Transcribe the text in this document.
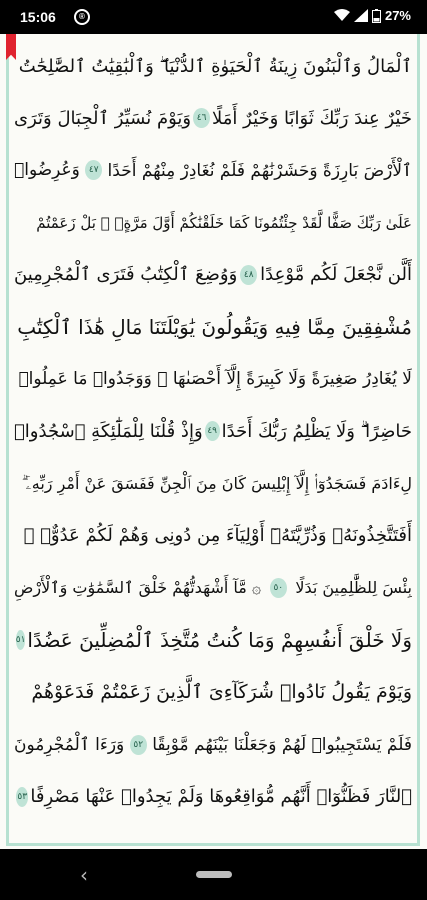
15:06	®	27%
ٱلْمَالُ وَٱلْبَنُونَ زِينَةُ ٱلْحَيَوٰةِ ٱلدُّنْيَا ۖ وَٱلْبَٰقِيَٰتُ ٱلصَّٰلِحَٰتُ
خَيْرٌ عِندَ رَبِّكَ ثَوَابًا وَخَيْرٌ أَمَلًا
٤٦
وَيَوْمَ نُسَيِّرُ ٱلْجِبَالَ وَتَرَى
ٱلْأَرْضَ بَارِزَةً وَحَشَرْنَٰهُمْ فَلَمْ نُغَادِرْ مِنْهُمْ أَحَدًا
٤٧
وَعُرِضُوا۟
عَلَىٰ رَبِّكَ صَفًّا لَّقَدْ جِئْتُمُونَا كَمَا خَلَقْنَٰكُمْ أَوَّلَ مَرَّةٍۭ ۚ بَلْ زَعَمْتُمْ
أَلَّن نَّجْعَلَ لَكُم مَّوْعِدًا
٤٨
وَوُضِعَ ٱلْكِتَٰبُ فَتَرَى ٱلْمُجْرِمِينَ
مُشْفِقِينَ مِمَّا فِيهِ وَيَقُولُونَ يَٰوَيْلَتَنَا مَالِ هَٰذَا ٱلْكِتَٰبِ
لَا يُغَادِرُ صَغِيرَةً وَلَا كَبِيرَةً إِلَّآ أَحْصَىٰهَا ۚ وَوَجَدُوا۟ مَا عَمِلُوا۟
حَاضِرًا ۗ وَلَا يَظْلِمُ رَبُّكَ أَحَدًا
٤٩
وَإِذْ قُلْنَا لِلْمَلَٰٓئِكَةِ ٱسْجُدُوا۟
لِءَادَمَ فَسَجَدُوٓا۟ إِلَّآ إِبْلِيسَ كَانَ مِنَ ٱلْجِنِّ فَفَسَقَ عَنْ أَمْرِ رَبِّهِۦٓ ۗ
أَفَتَتَّخِذُونَهُۥ وَذُرِّيَّتَهُۥٓ أَوْلِيَآءَ مِن دُونِى وَهُمْ لَكُمْ عَدُوٌّۢ ۚ
بِئْسَ لِلظَّٰلِمِينَ بَدَلًا
٥٠
۞ مَّآ أَشْهَدتُّهُمْ خَلْقَ ٱلسَّمَٰوَٰتِ وَٱلْأَرْضِ
وَلَا خَلْقَ أَنفُسِهِمْ وَمَا كُنتُ مُتَّخِذَ ٱلْمُضِلِّينَ عَضُدًا
٥١
وَيَوْمَ يَقُولُ نَادُوا۟ شُرَكَآءِىَ ٱلَّذِينَ زَعَمْتُمْ فَدَعَوْهُمْ
فَلَمْ يَسْتَجِيبُوا۟ لَهُمْ وَجَعَلْنَا بَيْنَهُم مَّوْبِقًا
٥٢
وَرَءَا ٱلْمُجْرِمُونَ
ٱلنَّارَ فَظَنُّوٓا۟ أَنَّهُم مُّوَاقِعُوهَا وَلَمْ يَجِدُوا۟ عَنْهَا مَصْرِفًا
٥٣
‹
